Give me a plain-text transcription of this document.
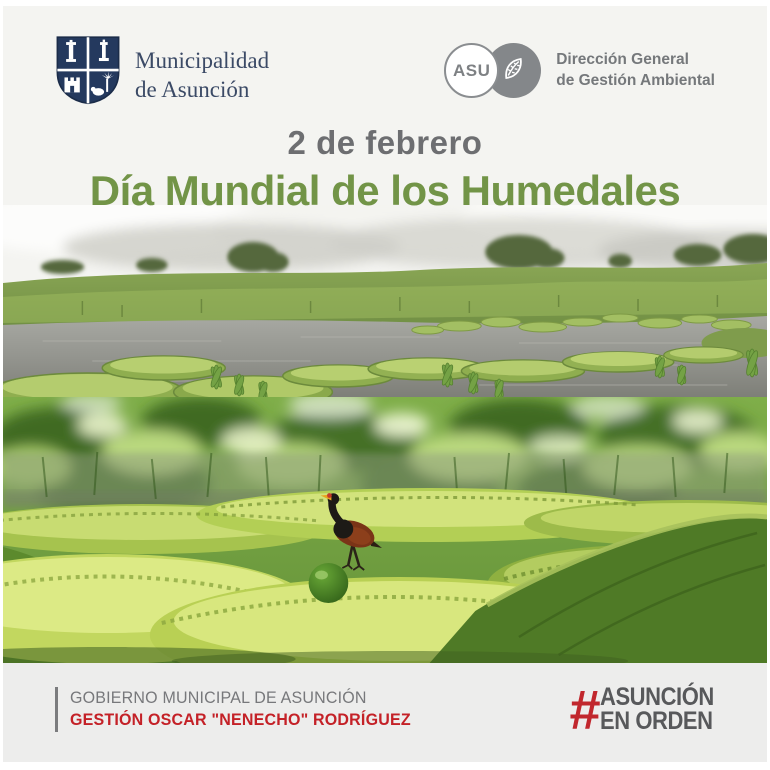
Municipalidad
de Asunción
ASU
Dirección General
de Gestión Ambiental
2 de febrero
Día Mundial de los Humedales
GOBIERNO MUNICIPAL DE ASUNCIÓN
GESTIÓN OSCAR "NENECHO" RODRÍGUEZ	# ASUNCIÓN
EN ORDEN
